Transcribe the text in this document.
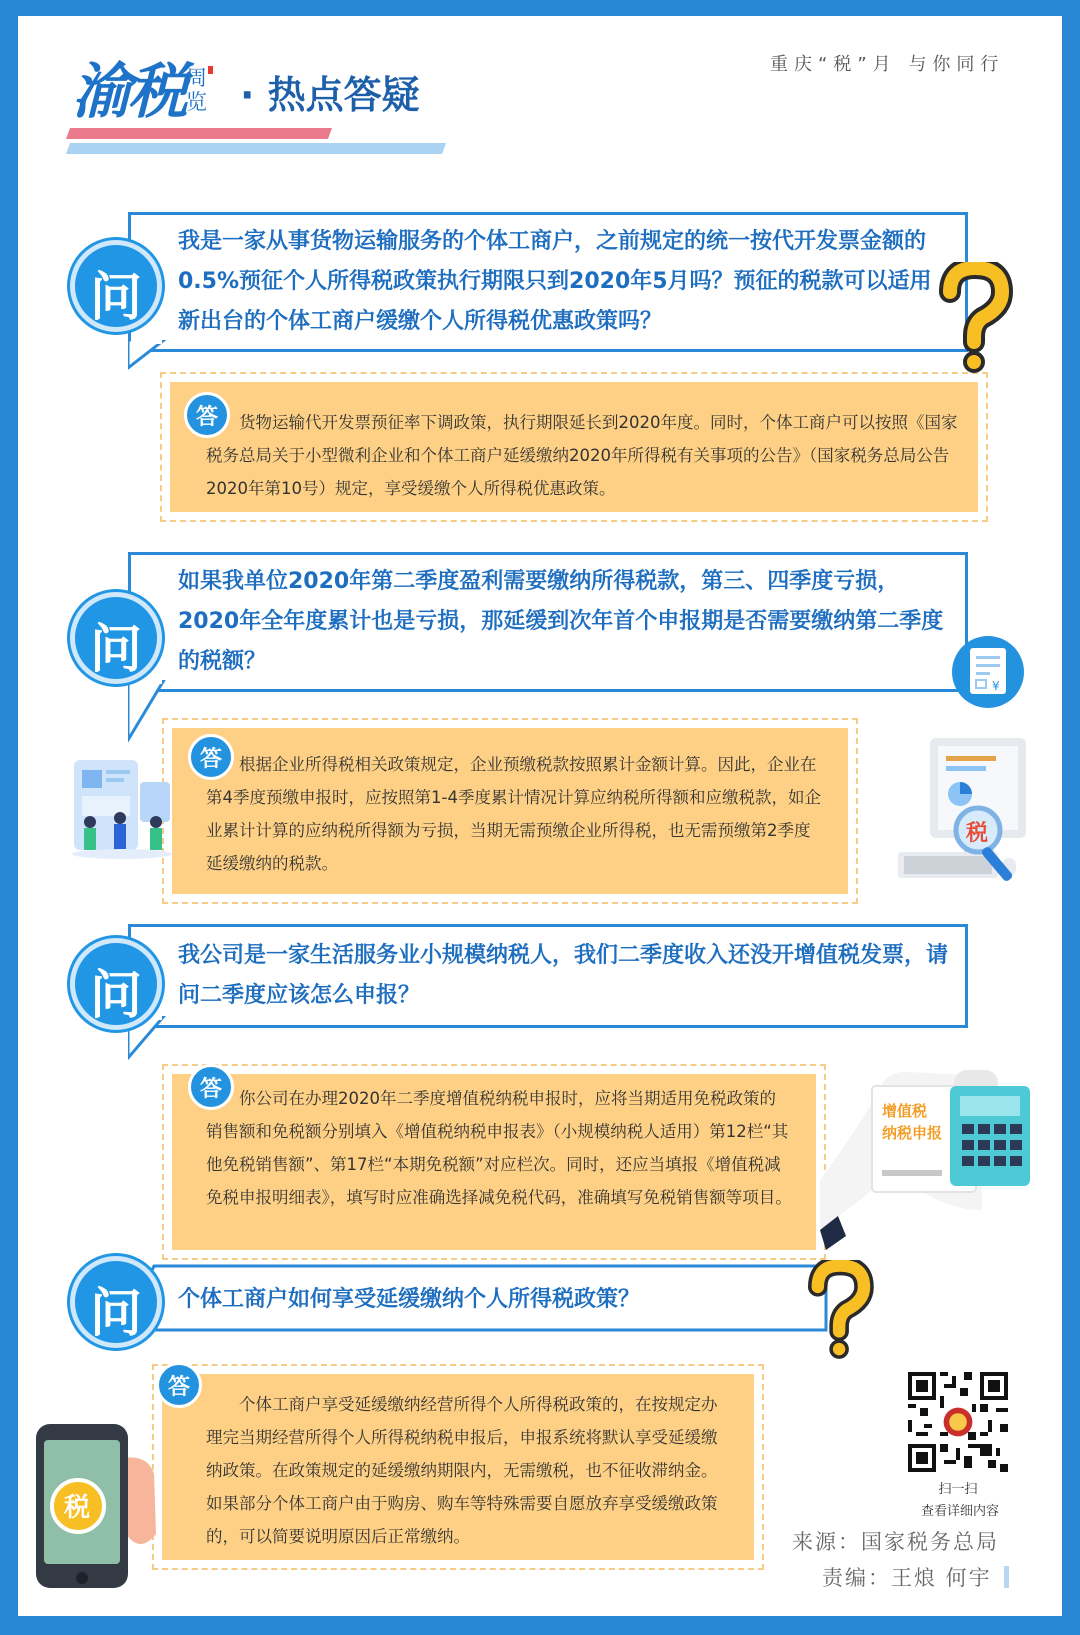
渝税 周览 · 热点答疑
重庆“税”月 与你同行
问
我是一家从事货物运输服务的个体工商户，之前规定的统一按代开发票金额的0.5%预征个人所得税政策执行期限只到2020年5月吗？预征的税款可以适用新出台的个体工商户缓缴个人所得税优惠政策吗？
答	货物运输代开发票预征率下调政策，执行期限延长到2020年度。同时，个体工商户可以按照《国家税务总局关于小型微利企业和个体工商户延缓缴纳2020年所得税有关事项的公告》（国家税务总局公告2020年第10号）规定，享受缓缴个人所得税优惠政策。
问
如果我单位2020年第二季度盈利需要缴纳所得税款，第三、四季度亏损，2020年全年度累计也是亏损，那延缓到次年首个申报期是否需要缴纳第二季度的税额？
答	根据企业所得税相关政策规定，企业预缴税款按照累计金额计算。因此，企业在第4季度预缴申报时，应按照第1-4季度累计情况计算应纳税所得额和应缴税款，如企业累计计算的应纳税所得额为亏损，当期无需预缴企业所得税，也无需预缴第2季度延缓缴纳的税款。
¥
税
问
我公司是一家生活服务业小规模纳税人，我们二季度收入还没开增值税发票，请问二季度应该怎么申报？
答	你公司在办理2020年二季度增值税纳税申报时，应将当期适用免税政策的销售额和免税额分别填入《增值税纳税申报表》（小规模纳税人适用）第12栏“其他免税销售额”、第17栏“本期免税额”对应栏次。同时，还应当填报《增值税减免税申报明细表》，填写时应准确选择减免税代码，准确填写免税销售额等项目。
增值税
纳税申报
问	个体工商户如何享受延缓缴纳个人所得税政策？
答
个体工商户享受延缓缴纳经营所得个人所得税政策的，在按规定办理完当期经营所得个人所得税纳税申报后，申报系统将默认享受延缓缴纳政策。在政策规定的延缓缴纳期限内，无需缴税，也不征收滞纳金。如果部分个体工商户由于购房、购车等特殊需要自愿放弃享受缓缴政策的，可以简要说明原因后正常缴纳。
税
扫一扫
查看详细内容
来源：国家税务总局
责编：王烺 何宇
